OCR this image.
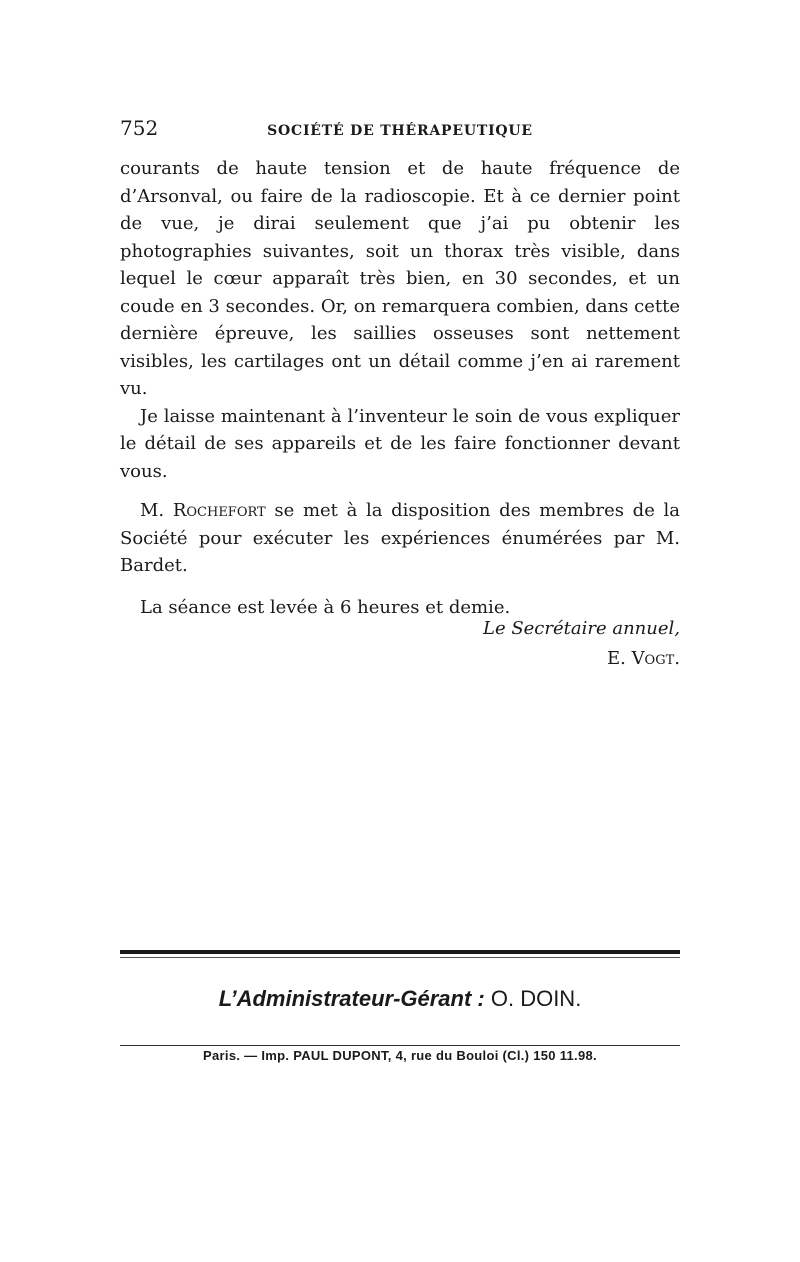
752	SOCIÉTÉ DE THÉRAPEUTIQUE

courants de haute tension et de haute fréquence de d’Arsonval, ou faire de la radioscopie. Et à ce dernier point de vue, je dirai seulement que j’ai pu obtenir les photographies suivantes, soit un thorax très visible, dans lequel le cœur apparaît très bien, en 30 secondes, et un coude en 3 secondes. Or, on remarquera combien, dans cette dernière épreuve, les saillies osseuses sont nettement visibles, les cartilages ont un détail comme j’en ai rarement vu.

Je laisse maintenant à l’inventeur le soin de vous expliquer le détail de ses appareils et de les faire fonctionner devant vous.

M. Rochefort se met à la disposition des membres de la Société pour exécuter les expériences énumérées par M. Bardet.

La séance est levée à 6 heures et demie.

Le Secrétaire annuel,
E. Vogt.
L’Administrateur-Gérant : O. DOIN.
Paris. — Imp. PAUL DUPONT, 4, rue du Bouloi (Cl.) 150 11.98.
